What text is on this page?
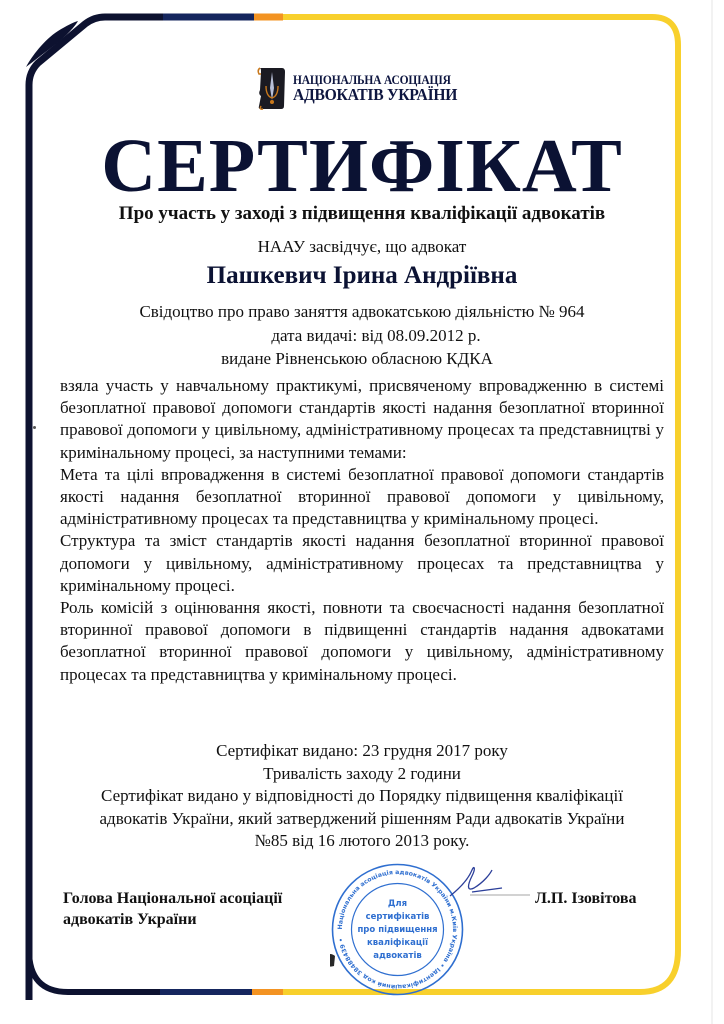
НАЦІОНАЛЬНА АСОЦІАЦІЯ
АДВОКАТІВ УКРАЇНИ
СЕРТИФІКАТ
Про участь у заході з підвищення кваліфікації адвокатів
НААУ засвідчує, що адвокат
Пашкевич Ірина Андріївна
Свідоцтво про право заняття адвокатською діяльністю № 964
дата видачі: від 08.09.2012 р.
видане Рівненською обласною КДКА

взяла участь у навчальному практикумі, присвяченому впровадженню в системі безоплатної правової допомоги стандартів якості надання безоплатної вторинної правової допомоги у цивільному, адміністративному процесах та представництві у кримінальному процесі, за наступними темами:

Мета та цілі впровадження в системі безоплатної правової допомоги стандартів якості надання безоплатної вторинної правової допомоги у цивільному, адміністративному процесах та представництва у кримінальному процесі.

Структура та зміст стандартів якості надання безоплатної вторинної правової допомоги у цивільному, адміністративному процесах та представництва у кримінальному процесі.

Роль комісій з оцінювання якості, повноти та своєчасності надання безоплатної вторинної правової допомоги в підвищенні стандартів надання адвокатами безоплатної вторинної правової допомоги у цивільному, адміністративному процесах та представництва у кримінальному процесі.

Сертифікат видано: 23 грудня 2017 року
Тривалість заходу 2 години
Сертифікат видано у відповідності до Порядку підвищення кваліфікації
адвокатів України, який затверджений рішенням Ради адвокатів України
№85 від 16 лютого 2013 року.
Голова Національної асоціації
адвокатів України	Національна асоціація адвокатів України м.Київ Україна • Ідентифікаційний код 38488439 •
Для
сертифікатів
про підвищення
кваліфікації
адвокатів
Л.П. Ізовітова
